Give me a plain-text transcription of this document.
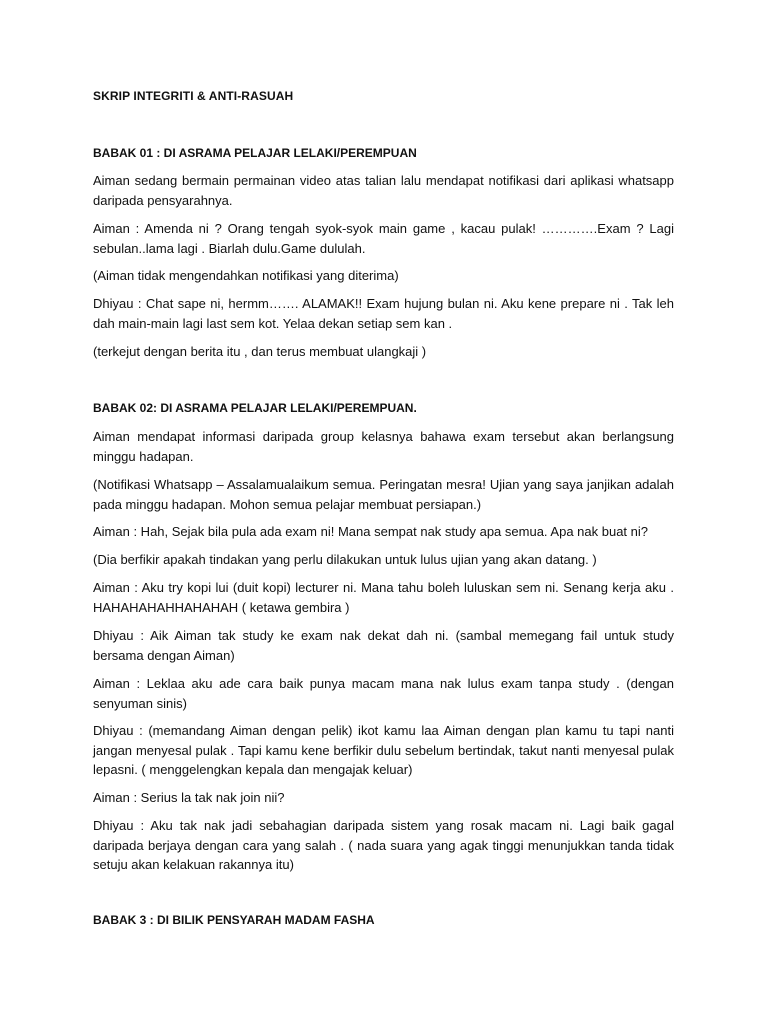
SKRIP INTEGRITI & ANTI-RASUAH
BABAK 01 : DI ASRAMA PELAJAR LELAKI/PEREMPUAN
Aiman sedang bermain permainan video atas talian lalu mendapat notifikasi dari aplikasi whatsapp daripada pensyarahnya.
Aiman : Amenda ni ? Orang tengah syok-syok main game , kacau pulak! ………….Exam ? Lagi sebulan..lama lagi . Biarlah dulu.Game dululah.
(Aiman tidak mengendahkan notifikasi yang diterima)
Dhiyau : Chat sape ni, hermm……. ALAMAK!! Exam hujung bulan ni. Aku kene prepare ni . Tak leh dah main-main lagi last sem kot. Yelaa dekan setiap sem kan .
(terkejut dengan berita itu , dan terus membuat ulangkaji )
BABAK 02: DI ASRAMA PELAJAR LELAKI/PEREMPUAN.
Aiman mendapat informasi daripada group kelasnya bahawa exam tersebut akan berlangsung minggu hadapan.
(Notifikasi Whatsapp – Assalamualaikum semua. Peringatan mesra! Ujian yang saya janjikan adalah pada minggu hadapan. Mohon semua pelajar membuat persiapan.)
Aiman : Hah, Sejak bila pula ada exam ni! Mana sempat nak study apa semua. Apa nak buat ni?
(Dia berfikir apakah tindakan yang perlu dilakukan untuk lulus ujian yang akan datang. )
Aiman : Aku try kopi lui (duit kopi) lecturer ni. Mana tahu boleh luluskan sem ni. Senang kerja aku . HAHAHAHAHHAHAHAH ( ketawa gembira )
Dhiyau : Aik Aiman tak study ke exam nak dekat dah ni. (sambal memegang fail untuk study bersama dengan Aiman)
Aiman : Leklaa aku ade cara baik punya macam mana nak lulus exam tanpa study . (dengan senyuman sinis)
Dhiyau : (memandang Aiman dengan pelik) ikot kamu laa Aiman dengan plan kamu tu tapi nanti jangan menyesal pulak . Tapi kamu kene berfikir dulu sebelum bertindak, takut nanti menyesal pulak lepasni. ( menggelengkan kepala dan mengajak keluar)
Aiman : Serius la tak nak join nii?
Dhiyau : Aku tak nak jadi sebahagian daripada sistem yang rosak macam ni. Lagi baik gagal daripada berjaya dengan cara yang salah . ( nada suara yang agak tinggi menunjukkan tanda tidak setuju akan kelakuan rakannya itu)
BABAK 3 : DI BILIK PENSYARAH MADAM FASHA
